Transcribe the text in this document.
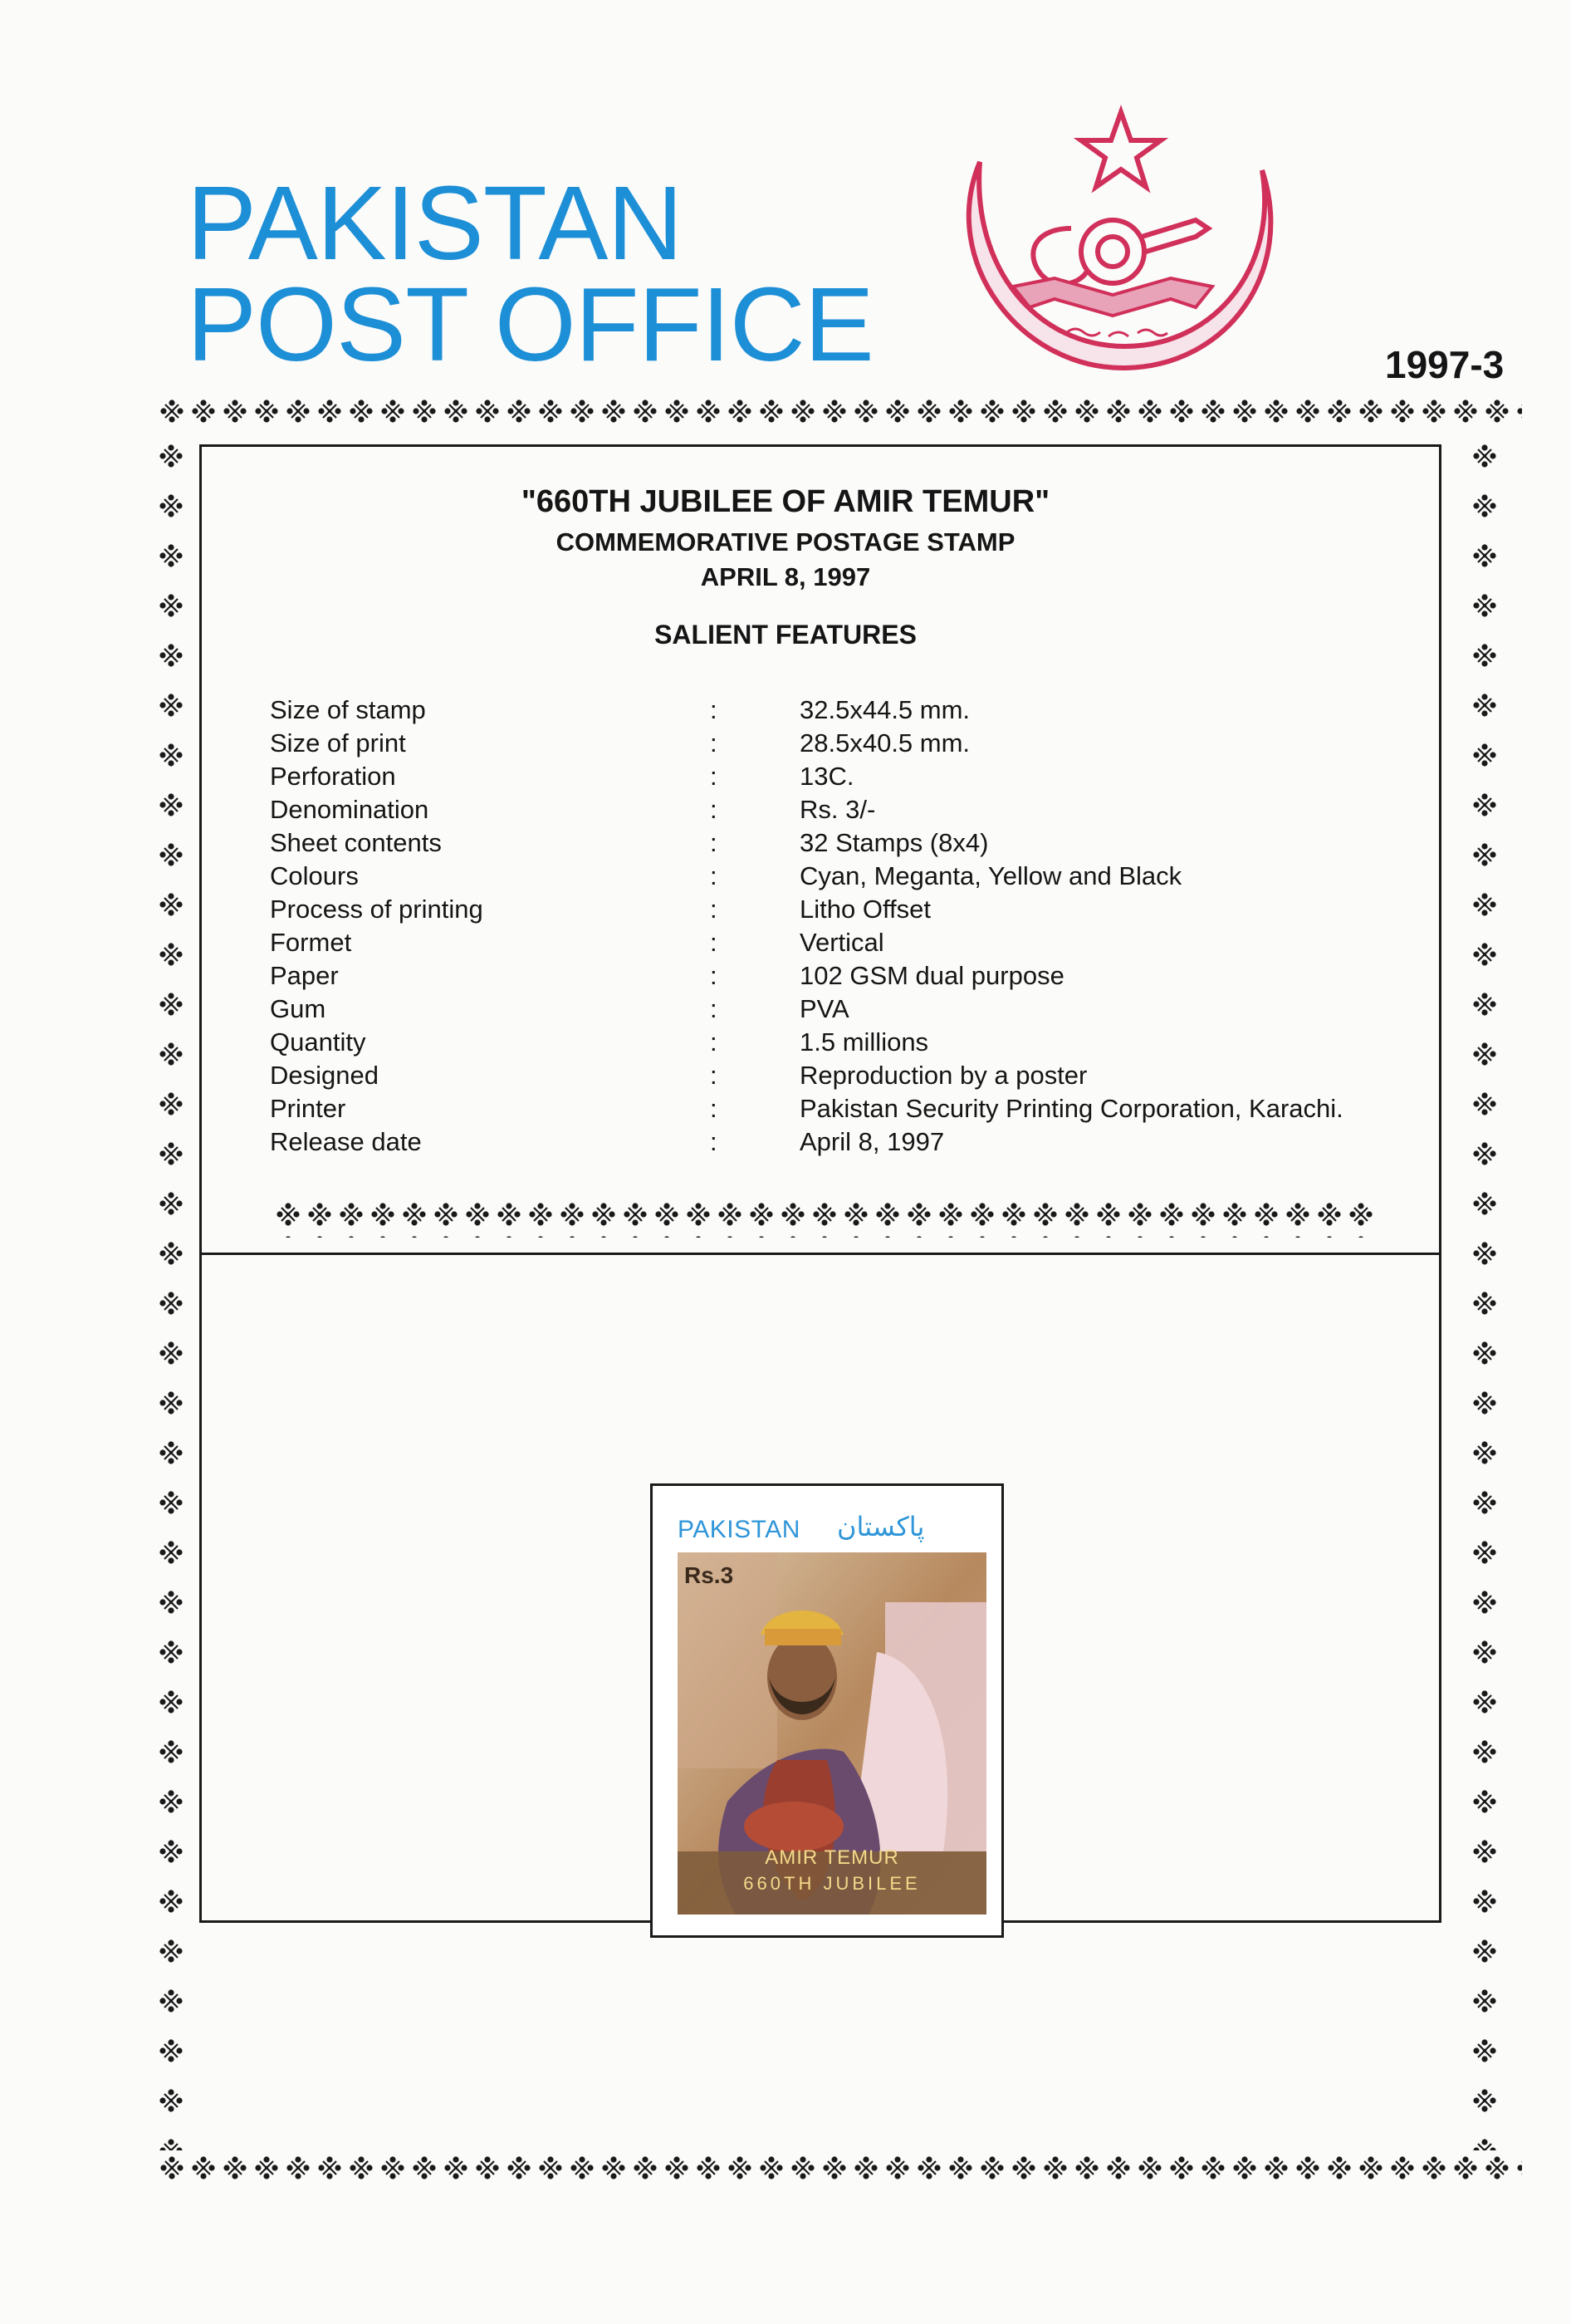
PAKISTAN
POST OFFICE	1997-3
"660TH JUBILEE OF AMIR TEMUR"
COMMEMORATIVE POSTAGE STAMP
APRIL 8, 1997
SALIENT FEATURES
Size of stamp	:	32.5x44.5 mm.
Size of print	:	28.5x40.5 mm.
Perforation	:	13C.
Denomination	:	Rs. 3/-
Sheet contents	:	32 Stamps (8x4)
Colours	:	Cyan, Meganta, Yellow and Black
Process of printing	:	Litho Offset
Formet	:	Vertical
Paper	:	102 GSM dual purpose
Gum	:	PVA
Quantity	:	1.5 millions
Designed	:	Reproduction by a poster
Printer	:	Pakistan Security Printing Corporation, Karachi.
Release date	:	April 8, 1997
PAKISTAN پاکستان
Rs.3
AMIR TEMUR
660TH JUBILEE
